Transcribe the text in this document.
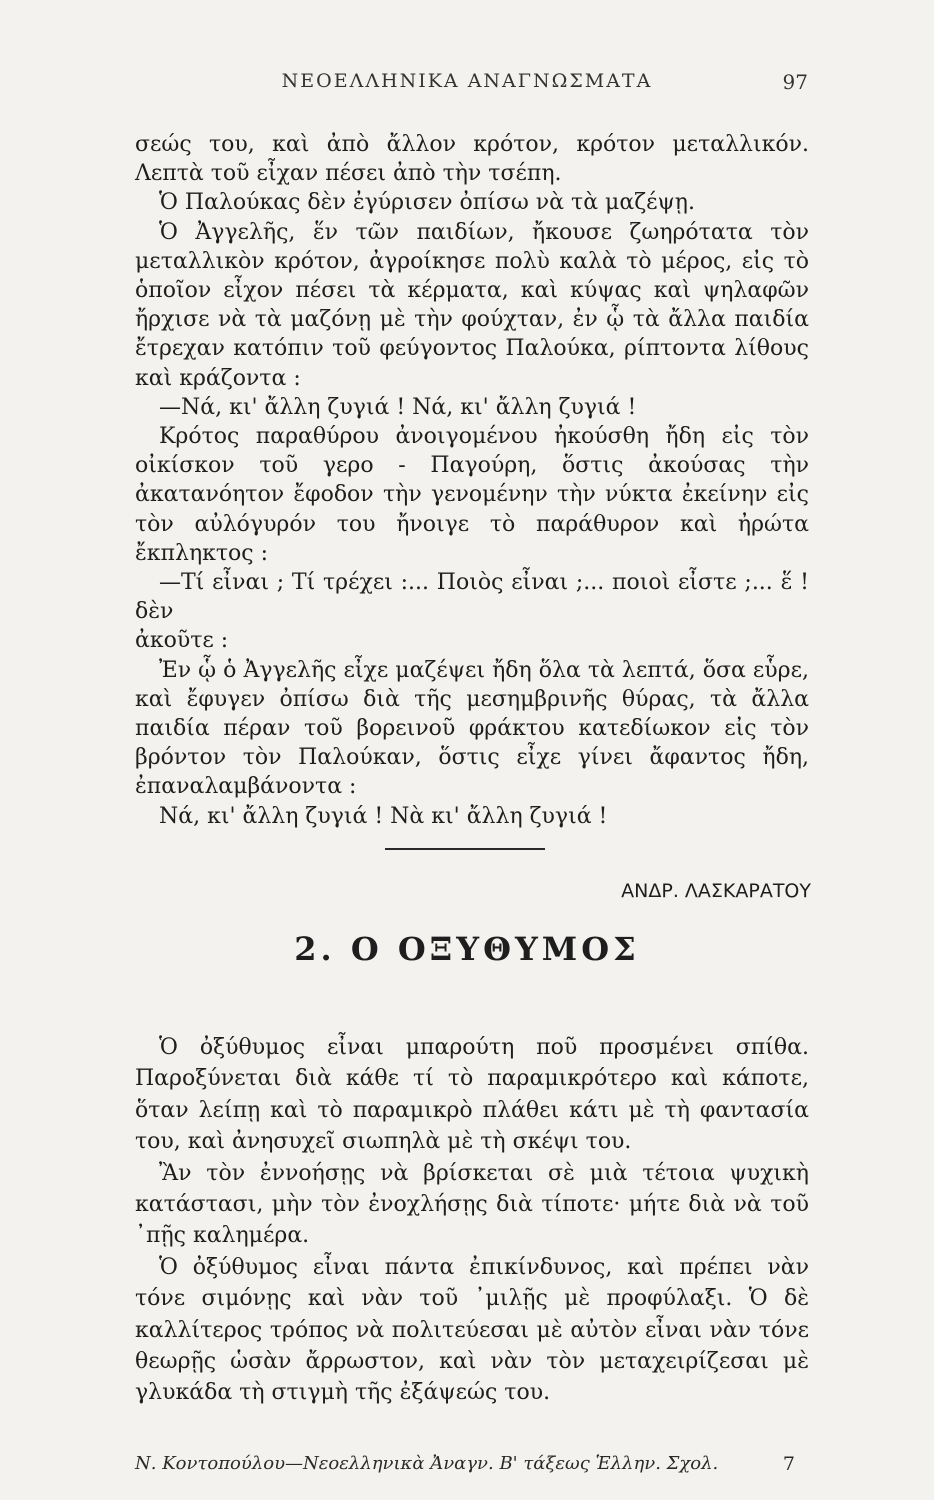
ΝΕΟΕΛΛΗΝΙΚΑ ΑΝΑΓΝΩΣΜΑΤΑ	97

σεώς του, καὶ ἀπὸ ἄλλον κρότον, κρότον μεταλλικόν. Λεπτὰ τοῦ εἶχαν πέσει ἀπὸ τὴν τσέπη.

Ὁ Παλούκας δὲν ἐγύρισεν ὀπίσω νὰ τὰ μαζέψῃ.

Ὁ Ἀγγελῆς, ἕν τῶν παιδίων, ἤκουσε ζωηρότατα τὸν μεταλλικὸν κρότον, ἀγροίκησε πολὺ καλὰ τὸ μέρος, εἰς τὸ ὁποῖον εἶχον πέσει τὰ κέρματα, καὶ κύψας καὶ ψηλαφῶν ἤρχισε νὰ τὰ μαζόνῃ μὲ τὴν φούχταν, ἐν ᾧ τὰ ἄλλα παιδία ἔτρεχαν κατόπιν τοῦ φεύγοντος Παλούκα, ρίπτοντα λίθους καὶ κράζοντα :

—Νά, κι' ἄλλη ζυγιά ! Νά, κι' ἄλλη ζυγιά !

Κρότος παραθύρου ἀνοιγομένου ἠκούσθη ἤδη εἰς τὸν οἰκίσκον τοῦ γερο - Παγούρη, ὅστις ἀκούσας τὴν ἀκατανόητον ἔφοδον τὴν γενομένην τὴν νύκτα ἐκείνην εἰς τὸν αὐλόγυρόν του ἤνοιγε τὸ παράθυρον καὶ ἠρώτα ἔκπληκτος :

—Τί εἶναι ; Τί τρέχει :... Ποιὸς εἶναι ;... ποιοὶ εἶστε ;... ἕ ! δὲν

ἀκοῦτε :

Ἐν ᾧ ὁ Ἀγγελῆς εἶχε μαζέψει ἤδη ὅλα τὰ λεπτά, ὅσα εὗρε, καὶ ἔφυγεν ὀπίσω διὰ τῆς μεσημβρινῆς θύρας, τὰ ἄλλα παιδία πέραν τοῦ βορεινοῦ φράκτου κατεδίωκον εἰς τὸν βρόντον τὸν Παλούκαν, ὅστις εἶχε γίνει ἄφαντος ἤδη, ἐπαναλαμβάνοντα :

Νά, κι' ἄλλη ζυγιά ! Νὰ κι' ἄλλη ζυγιά !

ΑΝΔΡ. ΛΑΣΚΑΡΑΤΟΥ
2. Ο ΟΞΥΘΥΜΟΣ

Ὁ ὀξύθυμος εἶναι μπαρούτη ποῦ προσμένει σπίθα. Παροξύνεται διὰ κάθε τί τὸ παραμικρότερο καὶ κάποτε, ὅταν λείπῃ καὶ τὸ παραμικρὸ πλάθει κάτι μὲ τὴ φαντασία του, καὶ ἀνησυχεῖ σιωπηλὰ μὲ τὴ σκέψι του.

Ἂν τὸν ἐννοήσῃς νὰ βρίσκεται σὲ μιὰ τέτοια ψυχικὴ κατάστασι, μὴν τὸν ἐνοχλήσῃς διὰ τίποτε· μήτε διὰ νὰ τοῦ ᾽πῇς καλημέρα.

Ὁ ὀξύθυμος εἶναι πάντα ἐπικίνδυνος, καὶ πρέπει νὰν τόνε σιμόνῃς καὶ νὰν τοῦ ᾽μιλῇς μὲ προφύλαξι. Ὁ δὲ καλλίτερος τρόπος νὰ πολιτεύεσαι μὲ αὐτὸν εἶναι νὰν τόνε θεωρῇς ὡσὰν ἄρρωστον, καὶ νὰν τὸν μεταχειρίζεσαι μὲ γλυκάδα τὴ στιγμὴ τῆς ἐξάψεώς του.

Ν. Κοντοπούλου—Νεοελληνικὰ Ἀναγν. Β' τάξεως Ἑλλην. Σχολ.	7
